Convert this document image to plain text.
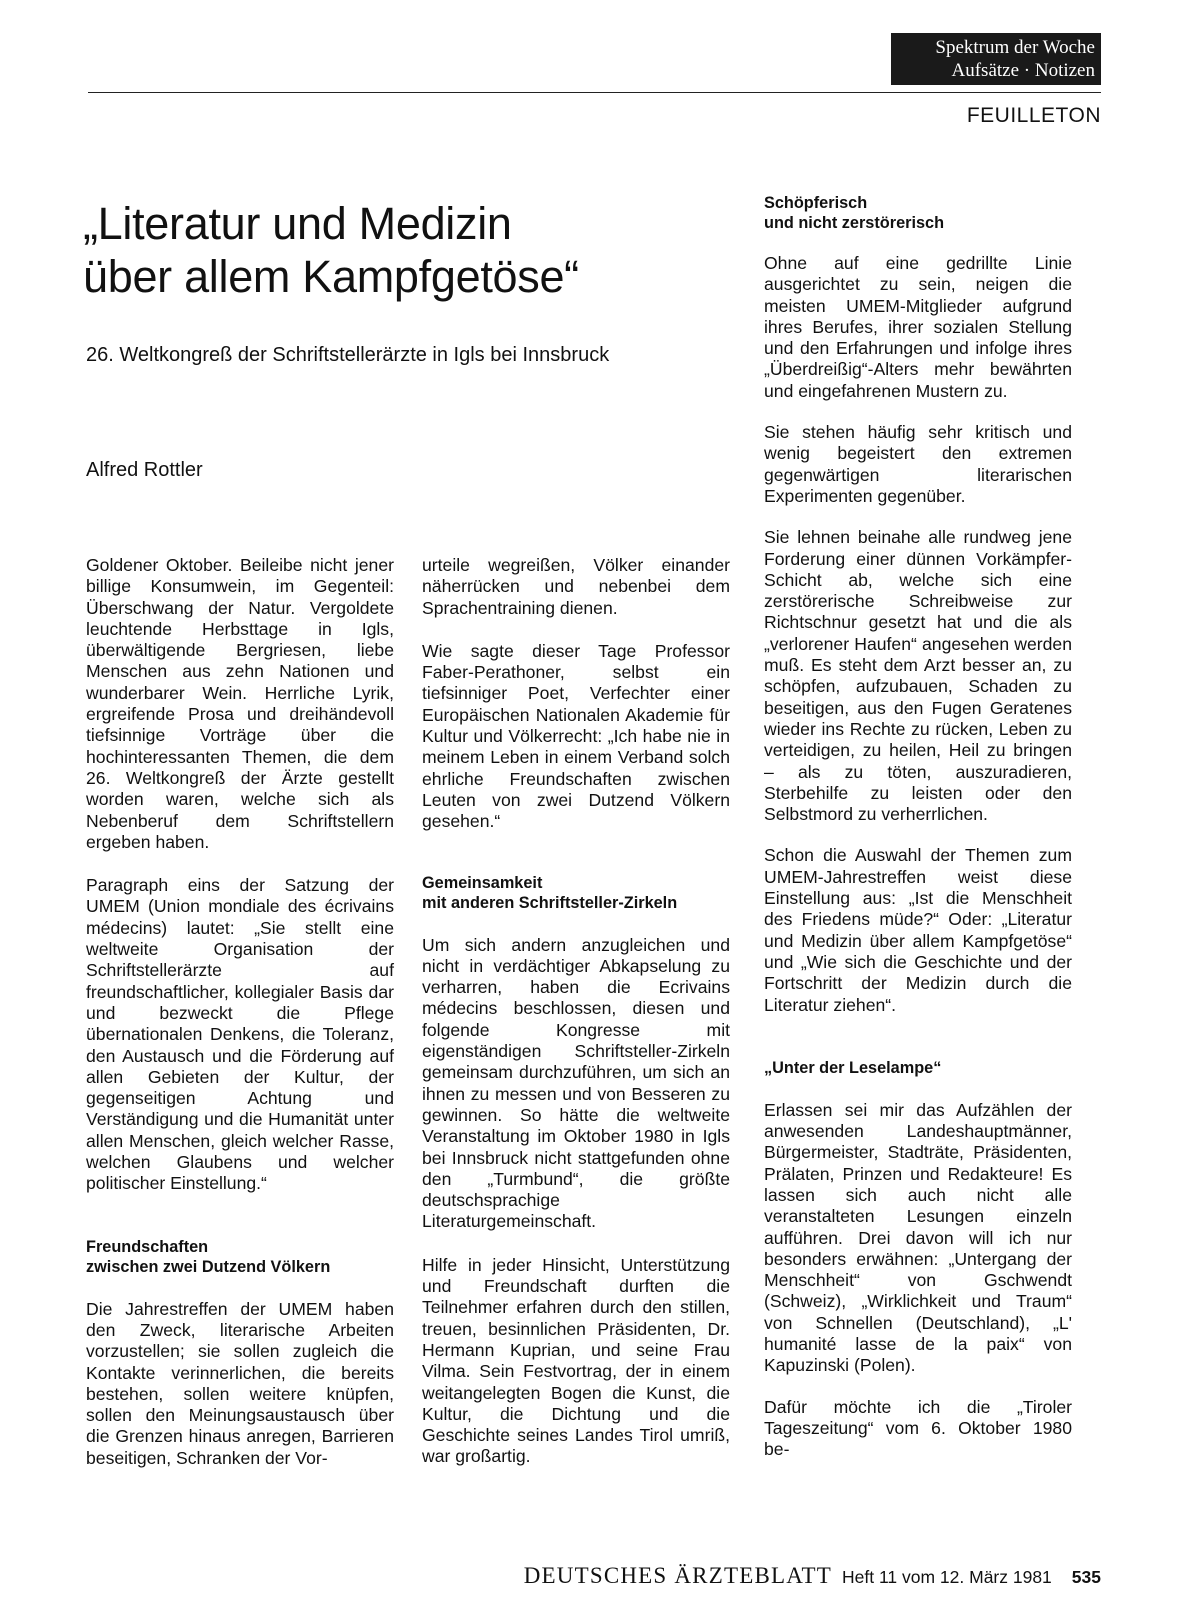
Spektrum der Woche
Aufsätze · Notizen
FEUILLETON
„Literatur und Medizin
über allem Kampfgetöse“
26. Weltkongreß der Schriftstellerärzte in Igls bei Innsbruck
Alfred Rottler

Goldener Oktober. Beileibe nicht jener billige Konsumwein, im Gegenteil: Überschwang der Natur. Vergoldete leuchtende Herbsttage in Igls, überwältigende Bergriesen, liebe Menschen aus zehn Nationen und wunderbarer Wein. Herrliche Lyrik, ergreifende Prosa und dreihändevoll tiefsinnige Vorträge über die hochinteressanten Themen, die dem 26. Weltkongreß der Ärzte gestellt worden waren, welche sich als Nebenberuf dem Schriftstellern ergeben haben.

Paragraph eins der Satzung der UMEM (Union mondiale des écrivains médecins) lautet: „Sie stellt eine weltweite Organisation der Schriftstellerärzte auf freundschaftlicher, kollegialer Basis dar und bezweckt die Pflege übernationalen Denkens, die Toleranz, den Austausch und die Förderung auf allen Gebieten der Kultur, der gegenseitigen Achtung und Verständigung und die Humanität unter allen Menschen, gleich welcher Rasse, welchen Glaubens und welcher politischer Einstellung.“

Freundschaften
zwischen zwei Dutzend Völkern

Die Jahrestreffen der UMEM haben den Zweck, literarische Arbeiten vorzustellen; sie sollen zugleich die Kontakte verinnerlichen, die bereits bestehen, sollen weitere knüpfen, sollen den Meinungsaustausch über die Grenzen hinaus anregen, Barrieren beseitigen, Schranken der Vor-

urteile wegreißen, Völker einander näherrücken und nebenbei dem Sprachentraining dienen.

Wie sagte dieser Tage Professor Faber-Perathoner, selbst ein tiefsinniger Poet, Verfechter einer Europäischen Nationalen Akademie für Kultur und Völkerrecht: „Ich habe nie in meinem Leben in einem Verband solch ehrliche Freundschaften zwischen Leuten von zwei Dutzend Völkern gesehen.“

Gemeinsamkeit
mit anderen Schriftsteller-Zirkeln

Um sich andern anzugleichen und nicht in verdächtiger Abkapselung zu verharren, haben die Ecrivains médecins beschlossen, diesen und folgende Kongresse mit eigenständigen Schriftsteller-Zirkeln gemeinsam durchzuführen, um sich an ihnen zu messen und von Besseren zu gewinnen. So hätte die weltweite Veranstaltung im Oktober 1980 in Igls bei Innsbruck nicht stattgefunden ohne den „Turmbund“, die größte deutschsprachige Literaturgemeinschaft.

Hilfe in jeder Hinsicht, Unterstützung und Freundschaft durften die Teilnehmer erfahren durch den stillen, treuen, besinnlichen Präsidenten, Dr. Hermann Kuprian, und seine Frau Vilma. Sein Festvortrag, der in einem weitangelegten Bogen die Kunst, die Kultur, die Dichtung und die Geschichte seines Landes Tirol umriß, war großartig.

Schöpferisch
und nicht zerstörerisch

Ohne auf eine gedrillte Linie ausgerichtet zu sein, neigen die meisten UMEM-Mitglieder aufgrund ihres Berufes, ihrer sozialen Stellung und den Erfahrungen und infolge ihres „Überdreißig“-Alters mehr bewährten und eingefahrenen Mustern zu.

Sie stehen häufig sehr kritisch und wenig begeistert den extremen gegenwärtigen literarischen Experimenten gegenüber.

Sie lehnen beinahe alle rundweg jene Forderung einer dünnen Vorkämpfer-Schicht ab, welche sich eine zerstörerische Schreibweise zur Richtschnur gesetzt hat und die als „verlorener Haufen“ angesehen werden muß. Es steht dem Arzt besser an, zu schöpfen, aufzubauen, Schaden zu beseitigen, aus den Fugen Geratenes wieder ins Rechte zu rücken, Leben zu verteidigen, zu heilen, Heil zu bringen – als zu töten, auszuradieren, Sterbehilfe zu leisten oder den Selbstmord zu verherrlichen.

Schon die Auswahl der Themen zum UMEM-Jahrestreffen weist diese Einstellung aus: „Ist die Menschheit des Friedens müde?“ Oder: „Literatur und Medizin über allem Kampfgetöse“ und „Wie sich die Geschichte und der Fortschritt der Medizin durch die Literatur ziehen“.

„Unter der Leselampe“

Erlassen sei mir das Aufzählen der anwesenden Landeshauptmänner, Bürgermeister, Stadträte, Präsidenten, Prälaten, Prinzen und Redakteure! Es lassen sich auch nicht alle veranstalteten Lesungen einzeln aufführen. Drei davon will ich nur besonders erwähnen: „Untergang der Menschheit“ von Gschwendt (Schweiz), „Wirklichkeit und Traum“ von Schnellen (Deutschland), „L' humanité lasse de la paix“ von Kapuzinski (Polen).

Dafür möchte ich die „Tiroler Tageszeitung“ vom 6. Oktober 1980 be-

DEUTSCHES ÄRZTEBLATT Heft 11 vom 12. März 1981 535
